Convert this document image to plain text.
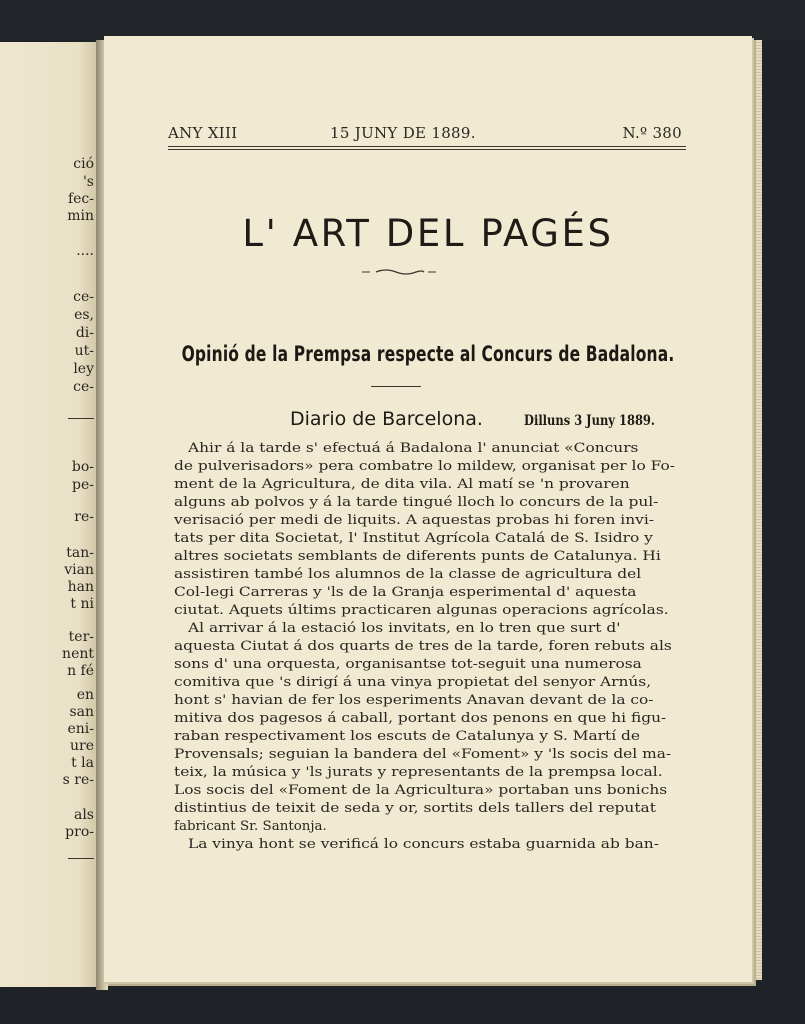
ció

's

fec-

min

....

ce-

es,

di-

ut-

ley

ce-

bo-

pe-

re-

tan-

vian

han

t ni

ter-

nent

n fé

en

san

eni-

ure

t la

s re-

als

pro-

ANY XIII	15 JUNY DE 1889.	N.º 380
L' ART DEL PAGÉS
Opinió de la Prempsa respecte al Concurs de Badalona.

Diario de Barcelona.	Dilluns 3 Juny 1889.

Ahir á la tarde s' efectuá á Badalona l' anunciat «Concurs
de pulverisadors» pera combatre lo mildew, organisat per lo Fo-
ment de la Agricultura, de dita vila. Al matí se 'n provaren
alguns ab polvos y á la tarde tingué lloch lo concurs de la pul-
verisació per medi de liquits. A aquestas probas hi foren invi-
tats per dita Societat, l' Institut Agrícola Catalá de S. Isidro y
altres societats semblants de diferents punts de Catalunya. Hi
assistiren també los alumnos de la classe de agricultura del
Col-legi Carreras y 'ls de la Granja esperimental d' aquesta
ciutat. Aquets últims practicaren algunas operacions agrícolas.
Al arrivar á la estació los invitats, en lo tren que surt d'
aquesta Ciutat á dos quarts de tres de la tarde, foren rebuts als
sons d' una orquesta, organisantse tot-seguit una numerosa
comitiva que 's dirigí á una vinya propietat del senyor Arnús,
hont s' havian de fer los esperiments Anavan devant de la co-
mitiva dos pagesos á caball, portant dos penons en que hi figu-
raban respectivament los escuts de Catalunya y S. Martí de
Provensals; seguian la bandera del «Foment» y 'ls socis del ma-
teix, la música y 'ls jurats y representants de la prempsa local.
Los socis del «Foment de la Agricultura» portaban uns bonichs
distintius de teixit de seda y or, sortits dels tallers del reputat
fabricant Sr. Santonja.
La vinya hont se verificá lo concurs estaba guarnida ab ban-
